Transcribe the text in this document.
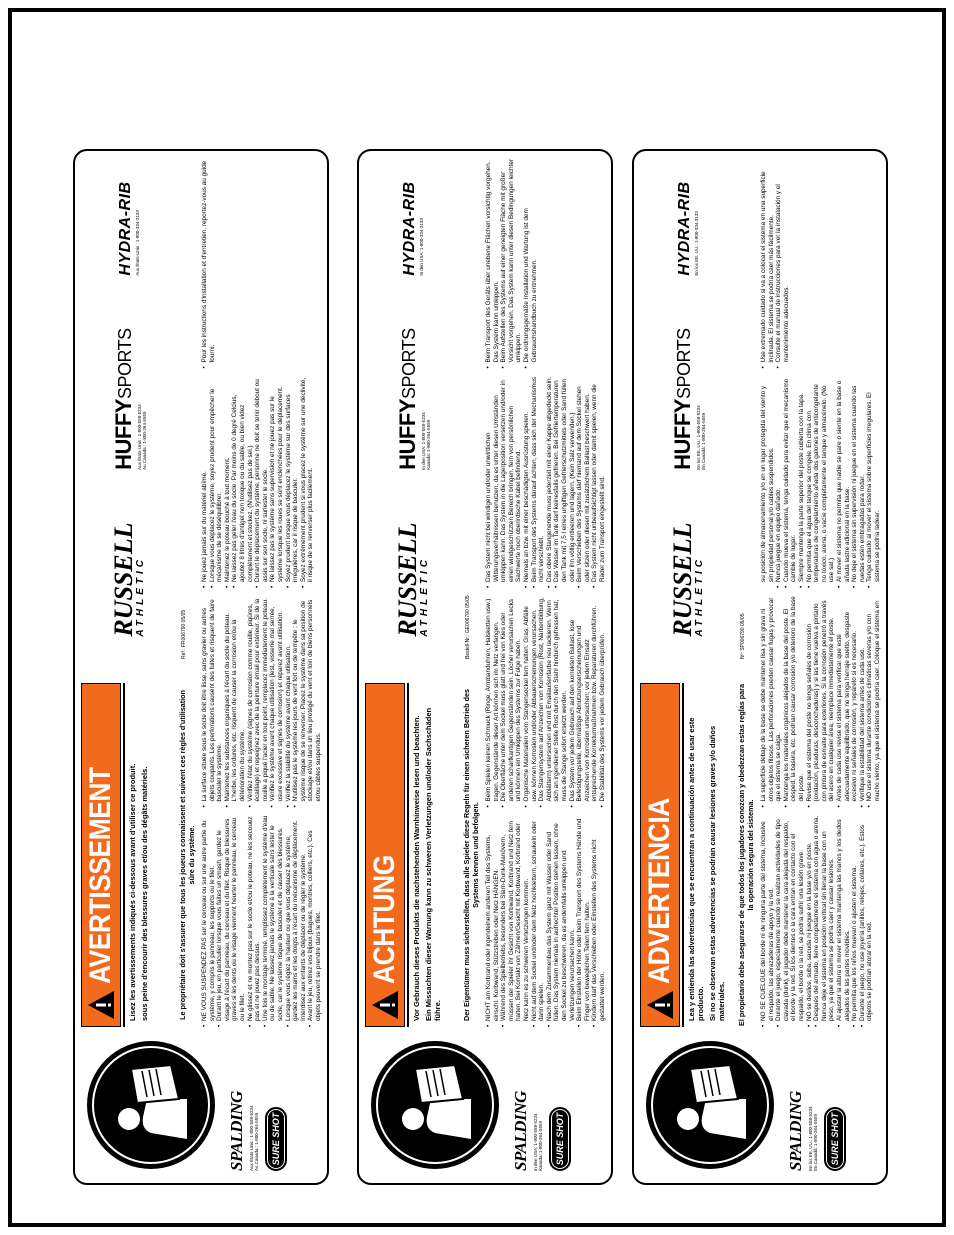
SPALDING Aux États-Unis : 1-800-558-5234 Au Canada : 1-800-264-5559	SURE SHOT
AVERTISSEMENT Lisez les avertissements indiqués ci-dessous avant d'utiliser ce produit. sous peine d'encourir des blessures graves et/ou des dégâts matériels.	Le propriétaire doit s'assurer que tous les joueurs connaissent et suivent ces règles d'utilisation sûre du système. • NE VOUS SUSPENDEZ PAS sur le cerceau ou sur une autre partie du système, y compris le panneau, les supports ou le filet. • Durant le jeu, en particulier lorsque vous faites un smash, gardez le visage à l'écart du panneau, du cerceau et du filet. Risque de blessures graves si les dents ou le visage viennent heurter le panneau, le cerceau ou le filet. • Ne glissez et ne montez pas sur le socle et/ou le poteau, ne les secouez pas et ne jouez pas dessus. • Une fois le montage terminé, remplissez complètement le système d'eau ou de sable. Ne laissez jamais le système à la verticale sans lester le socle, car le système risque de basculer et de causer des blessures. • Lorsque vous réglez la hauteur ou que vous déplacez le système, gardez les mains et les doigts à l'écart du mécanisme de déplacement. Interdisez aux enfants de déplacer ou de régler le système. • Avant le jeu, retirez vos bijoux (bagues, montres, colliers, etc.). Ces objets peuvent se prendre dans le filet.
• La surface située sous le socle doit être lisse, sans gravier ou autres objets coupants. Les perforations causent des fuites et risquent de faire basculer le système. • Maintenez les substances organiques à l'écart du socle du poteau. L'herbe, les ordures, etc. risquent de causer la corrosion et/ou la détérioration du système. • Vérifiez l'état du système (signes de corrosion comme rouille, piqûres, écaillage) et repeignez avec de la peinture émail pour extérieur. Si de la rouille a piqué l'acier en tout point, remplacez immédiatement le poteau. • Vérifiez le système avant chaque utilisation (lest, visserie mal serrée, usure excessive et signes de corrosion) et réparez avant utilisation. • Vérifiez la stabilité du système avant chaque utilisation. • N'utilisez pas le système les jours de vent fort ou de tempête ; le système risque de se renverser. Placez le système dans sa position de stockage et/ou dans un lieu protégé du vent et loin de biens personnels et/ou câbles suspendus.
• Ne jouez jamais sur du matériel abîmé. • Lorsque vous déplacez le système, soyez prudent pour empêcher le mécanisme de se déséquilibrer. • Maintenez le poteau bouché à tout moment. • Ne laissez pas geler l'eau du socle. Par moins de 0 degré Celcius, ajoutez 8 litres d'antigel non toxique ou du sable, ou bien videz complètement et stockez. (N'utilisez pas de sel.) • Durant le déplacement du système, personne ne doit se tenir debout ou assis sur son socle, ni surlester le socle. • Ne laissez pas le système sans supervision et ne jouez pas sur le système lorsque les roues se sont enclenchées pour le déplacement. • Soyez prudent lorsque vous déplacez le système sur des surfaces irrégulières, car il risque de basculer. • Soyez extrêmement prudent si vous placez le système sur une déclivité, il risque de se renverser plus facilement.
• Pour les instructions d'installation et d'entretien, reportez-vous au guide fourni.
RUSSELL
ATHLETIC
HUFFYSPORTS
Aux États-Unis : 1-800-558-5234 Au Canada : 1-800-264-5559
HYDRA-RIB Aux États-Unis : 1-800-334-3133
Réf : FR006790 05/05
SPALDING In den USA: 1-800-558-5234 Kanada: 1-800-264-5559	SURE SHOT
ACHTUNG Vor Gebrauch dieses Produkts die nachstehenden Warnhinweise lesen und beachten. Ein Missachten dieser Warnung kann zu schweren Verletzungen und/oder Sachschäden führe.	Der Eigentümer muss sicherstellen, dass alle Spieler diese Regeln für einen sicheren Betrieb des Systems kennen und befolgen. • NICHT am Korbrand oder irgendeinem anderen Teil des Systems, einschl. Korbwand, Stützstreben oder Netz HÄNGEN. • Während des Spielbetriebs, besonders bei Slam-Dunk-Manövern, müssen der Spieler ihr Gesicht von Korbwand, Korbrand und Netz fern halten. Bei Kontakt von Zähnen/Gesicht mit Korbwand, Korbrand oder Netz kann es zu schweren Verletzungen kommen. • Nicht auf dem Sockel und/oder dem Netz hochklettern, schaukeln oder darin spielen. • Nach dem Zusammenbau das System ganz mit Wasser oder Sand füllen. Das System niemals in aufrechter Position stehen lassen, ohne den Sockel zu beschweren, da es andernfalls umkippen und Verletzungen verursachen kann. • Beim Einstellen der Höhe oder beim Transport des Systems Hände und Finger von beweglichen Teilen fern halten. • Kindern darf das Verschieben oder Einstellen des Systems nicht gestattet werden.
• Beim Spielen keinen Schmuck (Ringe, Armbanduhren, Halsketten usw.) tragen. Gegenstände dieser Art können sich im Netz verfangen. • Die Oberfläche unter dem Sockel muss glatt und frei von Kies oder anderen scharfkantigen Gegenständen sein. Löcher verursachen Lecks und können ein Umkippen des Systems zur Folge haben. • Organische Materialien vom Stangensockel fern halten. Gras, Abfälle usw. können Korrosion und/oder Abbauerscheinungen verursachen. • Das Stangensystem auf Anzeichen von Korrosion (Rost, Narbenbildung, Abblättern) untersuchen und mit Emailaußenfarbe neu lackieren. Wenn sich an irgendeiner Stelle Rost durch den Stahl hindurch gefressen hat, muss die Stange sofort ersetzt werden. • Das System vor jedem Gebrauch auf den korrekten Ballast, lose Befestigungsteile, übermäßige Abnutzungserscheinungen und Anzeichen von Korrosion untersuchen; vor jedem Einsatz entsprechende Korrekturmaßnahmen bzw. Reparaturen durchführen. • Die Stabilität des Systems vor jedem Gebrauch überprüfen.
• Das System nicht bei windigen und/oder unwirtlichen Witterungsverhältnissen benutzen, da es unter diesen Umständen umkippen kann. Das System in die Lagerposition versetzen und/oder in einen windgeschützten Bereich bringen, fern von persönlichen Sachwerte noch oberirdische Kabel befindend. • Niemals an bzw. mit einer beschädigten Ausrüstung spielen. • Beim Transport des Systems darauf achten, dass sich der Mechanismus nicht verschiebt. • Das obere Stangenende muss jederzeit mit einer Kappe abgedeckt sein. • Das Wasser im Tank darf keinesfalls gefrieren. Bei Gefriertemperaturen den Tank mit 7,5 l eines ungiftigen Gefrierschutzmittels oder Sand füllen oder ihn völlig entleeren und lagern. (Kein Salz verwenden.) • Beim Verschieben des Systems darf niemand auf dem Sockel stehen oder sitzen oder diesen mit zusätzlichem Ballast beschwert haben. • Das System nicht unbeaufsichtigt lassen oder damit spielen, wenn die Räder zum Transport eingestellt sind.
• Beim Transport des Geräts über unebene Flächen vorsichtig vorgehen. Das System kann umkippen. • Beim Aufstellen des Systems auf einer geneigten Fläche mit großer Vorsicht vorgehen. Das System kann unter diesen Bedingungen leichter umkippen. • Die ordnungsgemäße Installation und Wartung ist dem Gebrauchshandbuch zu entnehmen.
RUSSELL
ATHLETIC
HUFFYSPORTS
In den USA: 1-800-558-5234 Kanada: 1-800-264-5559
HYDRA-RIB In den USA: 1-800-334-3133
Bestell-Nr.: GE006790 05/05
SPALDING En los EE. UU.: 1-800-558-5234 En Canadá: 1-800-264-5559	SURE SHOT
ADVERTENCIA Lea y entienda las advertencias que se encuentran a continuación antes de usar este producto. Si no se observan estas advertencias se podrían causar lesiones graves y/o daños materiales. El propietario debe asegurarse de que todos los jugadores conozcan y obedezcan estas reglas para la operación segura del sistema. • NO SE CUELGUE del borde ni de ninguna parte del sistema, inclusive el respaldo, las abrazaderas de apoyo y la red. • Durante el juego, especialmente cuando se realizan actividades de tipo clavada (dunk), el jugador debe mantener la cara alejada del respaldo, el borde y la red. Si los dientes o la cara entran en contacto con el respaldo, el borde o la red, se podría sufrir una lesión grave. • NO se deslice, suba, sacuda ni juegue en la base y/o en poste. • Después del armado, llene completamente el sistema con agua o arena. Nunca deje el sistema en posición vertical sin llenar la base con un peso, ya que el sistema se podría caer y causar lesiones. • Al ajustar la altura o mover el sistema mantenga las manos y los dedos alejados de las partes movibles. • No permita que los niños muevan o ajusten el sistema. • Durante el juego, no use joyería (anillos, relojes, collares, etc.). Estos objetos se podrían atorar en la red.
• La superficie debajo de la base se debe mantener lisa y sin grava ni otros objetos filosos. Las perforaciones pueden causar fugas y provocar que el sistema se caiga. • Mantenga los materiales orgánicos alejados de la base del poste. El césped, la basura, etc. podrían causar corrosión y/o deterioro de la base del poste. • Revise que el sistema del poste no tenga señales de corrosión (oxidación, picaduras, desconchaduras) y si las tiene vuelva a pintarlo con pintura de esmalte para exteriores. Si la corrosión penetró a través del acero en cualquier área, reemplace inmediatamente el poste. • Antes de cada uso revise el sistema para verificar que esté adecuadamente equilibrado, que no tenga herraje suelto, desgaste excesivo ni señales de corrosión, y repárelo si es necesario. • Verifique la estabilidad del sistema antes de cada uso. • NO use el sistema durante condiciones climáticas severas y/o con mucho viento, ya que el sistema se podría caer. Coloque el sistema en su posición de almacenamiento y/o en un lugar protegida del viento y sin propiedad personal y/o cables suspendidos. • Nunca juegue en equipo dañado. • Cuando mueva el sistema, tenga cuidado para evitar que el mecanismo cambie de lugar. • Siempre mantenga la parte superior del poste cubierta con la tapa. • No permita que el agua del tanque se congele. En clima con temperaturas de congelamiento añada dos galones de anticongelante no tóxico, arena, o vacíe completamente el tanque y almacénelo. (No use sal.) • Al mover el sistema no permita que nadie se pare o siente en la base o añada lastre adicional en la base. • No deje el sistema sin supervisión ni juegue en el sistema cuando las ruedas estén embragadas para rodar. • Tenga cuidado al mover el sistema sobre superficies irregulares. El sistema se podría ladear.
• Use extremado cuidado si va a colocar el sistema en una superficie inclinada. El sistema se podría caer más fácilmente. • Consulte el manual de instrucciones para ver la instalación y el mantenimiento adecuados.
RUSSELL
ATHLETIC
HUFFYSPORTS
En los EE. UU.: 1-800-558-5234 En Canadá: 1-800-264-5559
HYDRA-RIB En los EE. UU.: 1-800-334-3133
Nº: SP006790 05/05
